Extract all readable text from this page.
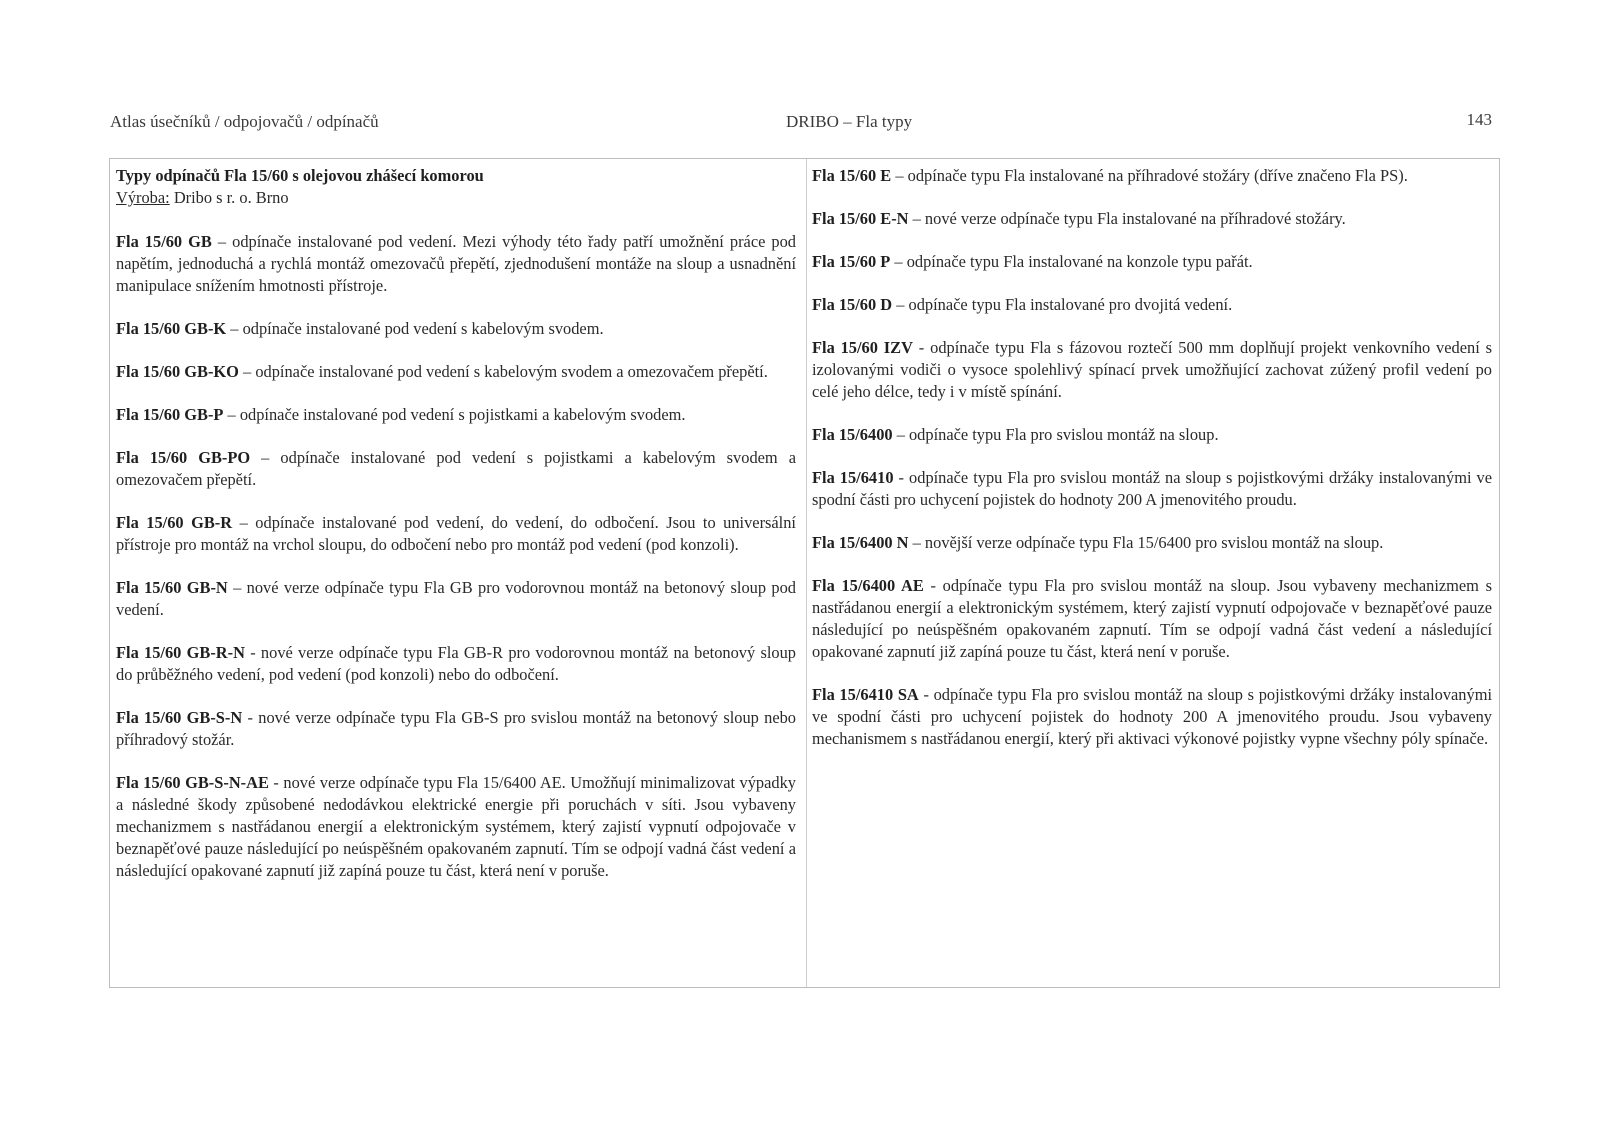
Atlas úsečníků / odpojovačů / odpínačů	DRIBO – Fla typy	143
Typy odpínačů Fla 15/60 s olejovou zhášecí komorou
Výroba: Dribo s r. o. Brno
Fla 15/60 GB – odpínače instalované pod vedení. Mezi výhody této řady patří umožnění práce pod napětím, jednoduchá a rychlá montáž omezovačů přepětí, zjednodušení montáže na sloup a usnadnění manipulace snížením hmotnosti přístroje.
Fla 15/60 GB-K – odpínače instalované pod vedení s kabelovým svodem.
Fla 15/60 GB-KO – odpínače instalované pod vedení s kabelovým svodem a omezovačem přepětí.
Fla 15/60 GB-P – odpínače instalované pod vedení s pojistkami a kabelovým svodem.
Fla 15/60 GB-PO – odpínače instalované pod vedení s pojistkami a kabelovým svodem a omezovačem přepětí.
Fla 15/60 GB-R – odpínače instalované pod vedení, do vedení, do odbočení. Jsou to universální přístroje pro montáž na vrchol sloupu, do odbočení nebo pro montáž pod vedení (pod konzoli).
Fla 15/60 GB-N – nové verze odpínače typu Fla GB pro vodorovnou montáž na betonový sloup pod vedení.
Fla 15/60 GB-R-N - nové verze odpínače typu Fla GB-R pro vodorovnou montáž na betonový sloup do průběžného vedení, pod vedení (pod konzoli) nebo do odbočení.
Fla 15/60 GB-S-N - nové verze odpínače typu Fla GB-S pro svislou montáž na betonový sloup nebo příhradový stožár.
Fla 15/60 GB-S-N-AE - nové verze odpínače typu Fla 15/6400 AE. Umožňují minimalizovat výpadky a následné škody způsobené nedodávkou elektrické energie při poruchách v síti. Jsou vybaveny mechanizmem s nastřádanou energií a elektronickým systémem, který zajistí vypnutí odpojovače v beznapěťové pauze následující po neúspěšném opakovaném zapnutí. Tím se odpojí vadná část vedení a následující opakované zapnutí již zapíná pouze tu část, která není v poruše.
Fla 15/60 E – odpínače typu Fla instalované na příhradové stožáry (dříve značeno Fla PS).
Fla 15/60 E-N – nové verze odpínače typu Fla instalované na příhradové stožáry.
Fla 15/60 P – odpínače typu Fla instalované na konzole typu pařát.
Fla 15/60 D – odpínače typu Fla instalované pro dvojitá vedení.
Fla 15/60 IZV - odpínače typu Fla s fázovou roztečí 500 mm doplňují projekt venkovního vedení s izolovanými vodiči o vysoce spolehlivý spínací prvek umožňující zachovat zúžený profil vedení po celé jeho délce, tedy i v místě spínání.
Fla 15/6400 – odpínače typu Fla pro svislou montáž na sloup.
Fla 15/6410 - odpínače typu Fla pro svislou montáž na sloup s pojistkovými držáky instalovanými ve spodní části pro uchycení pojistek do hodnoty 200 A jmenovitého proudu.
Fla 15/6400 N – novější verze odpínače typu Fla 15/6400 pro svislou montáž na sloup.
Fla 15/6400 AE - odpínače typu Fla pro svislou montáž na sloup. Jsou vybaveny mechanizmem s nastřádanou energií a elektronickým systémem, který zajistí vypnutí odpojovače v beznapěťové pauze následující po neúspěšném opakovaném zapnutí. Tím se odpojí vadná část vedení a následující opakované zapnutí již zapíná pouze tu část, která není v poruše.
Fla 15/6410 SA - odpínače typu Fla pro svislou montáž na sloup s pojistkovými držáky instalovanými ve spodní části pro uchycení pojistek do hodnoty 200 A jmenovitého proudu. Jsou vybaveny mechanismem s nastřádanou energií, který při aktivaci výkonové pojistky vypne všechny póly spínače.
